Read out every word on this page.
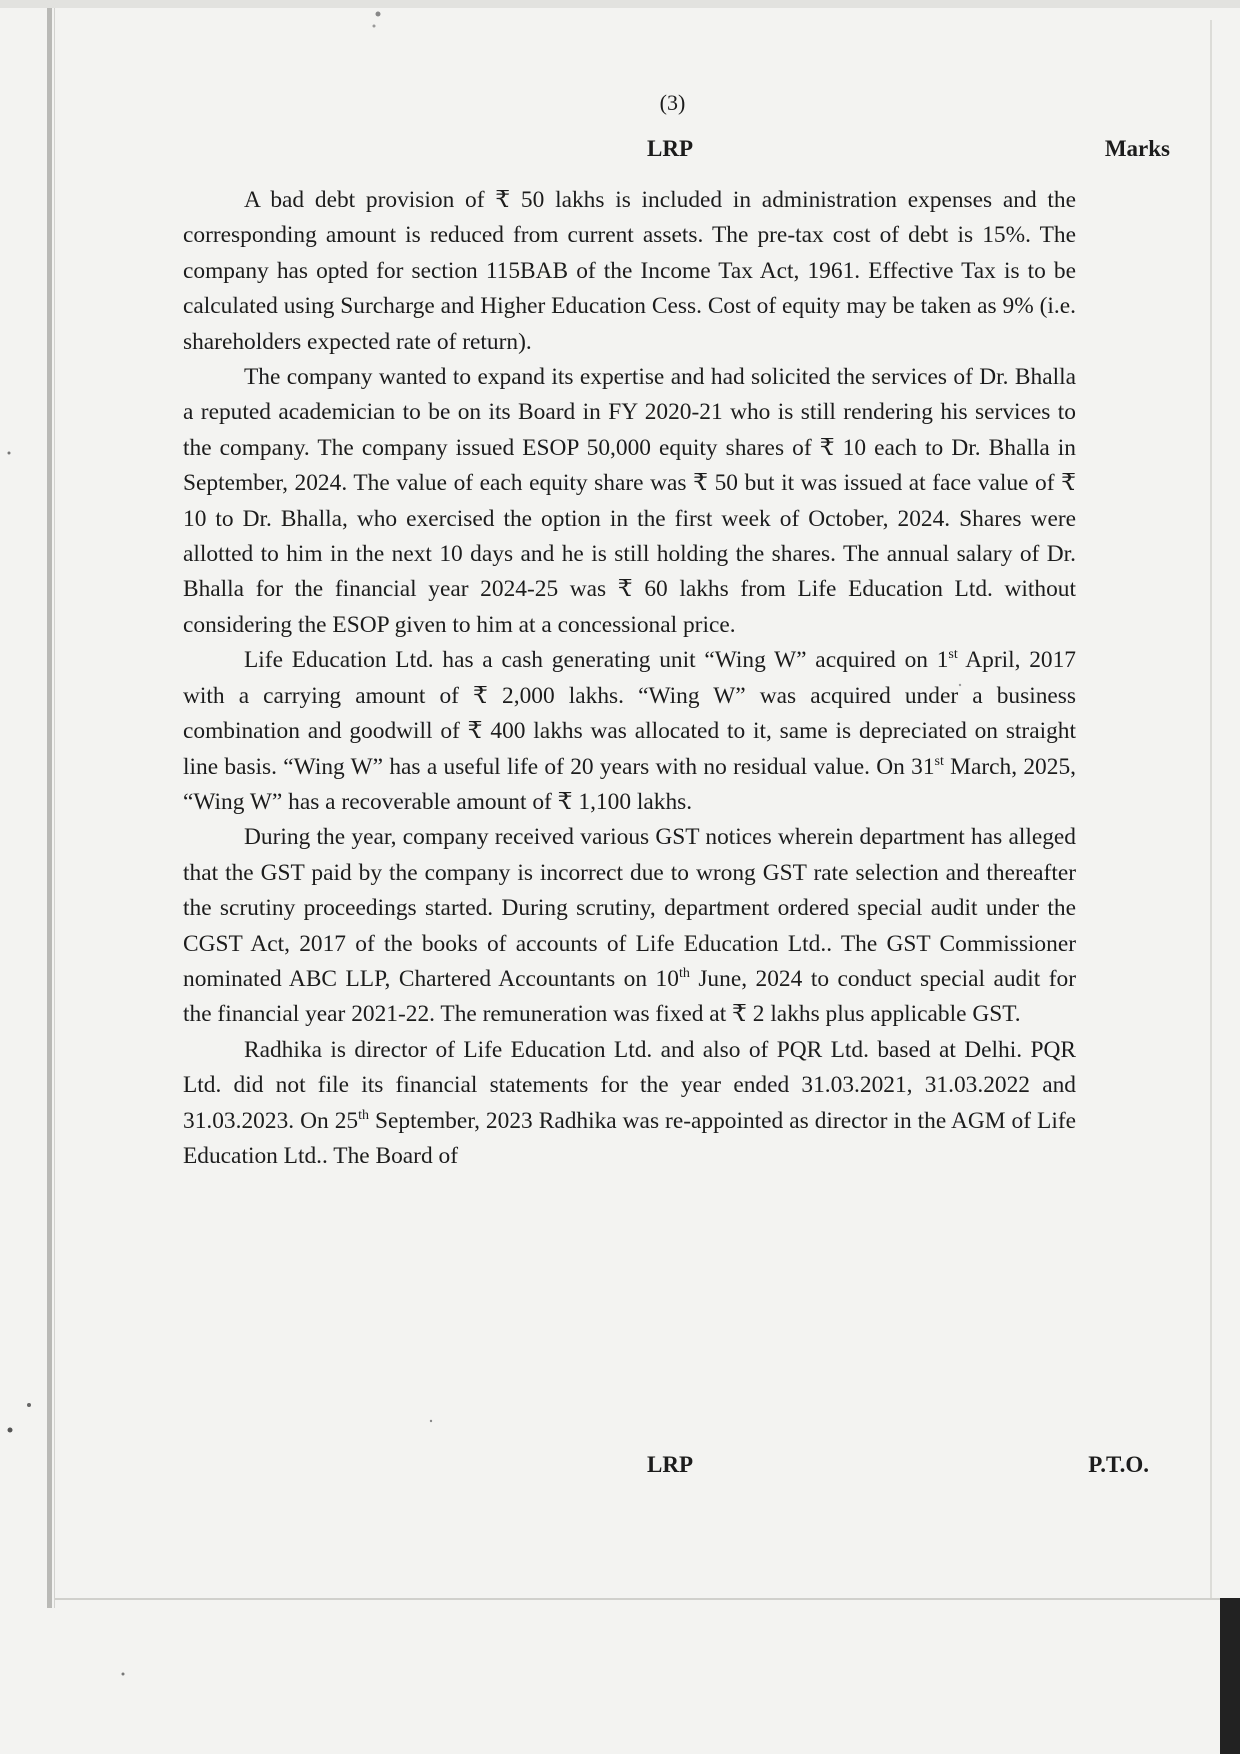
(3)
LRP	Marks

A bad debt provision of ₹ 50 lakhs is included in administration expenses and the corresponding amount is reduced from current assets. The pre-tax cost of debt is 15%. The company has opted for section 115BAB of the Income Tax Act, 1961. Effective Tax is to be calculated using Surcharge and Higher Education Cess. Cost of equity may be taken as 9% (i.e. shareholders expected rate of return).

The company wanted to expand its expertise and had solicited the services of Dr. Bhalla a reputed academician to be on its Board in FY 2020-21 who is still rendering his services to the company. The company issued ESOP 50,000 equity shares of ₹ 10 each to Dr. Bhalla in September, 2024. The value of each equity share was ₹ 50 but it was issued at face value of ₹ 10 to Dr. Bhalla, who exercised the option in the first week of October, 2024. Shares were allotted to him in the next 10 days and he is still holding the shares. The annual salary of Dr. Bhalla for the financial year 2024-25 was ₹ 60 lakhs from Life Education Ltd. without considering the ESOP given to him at a concessional price.

Life Education Ltd. has a cash generating unit “Wing W” acquired on 1st April, 2017 with a carrying amount of ₹ 2,000 lakhs. “Wing W” was acquired under a business combination and goodwill of ₹ 400 lakhs was allocated to it, same is depreciated on straight line basis. “Wing W” has a useful life of 20 years with no residual value. On 31st March, 2025, “Wing W” has a recoverable amount of ₹ 1,100 lakhs.

During the year, company received various GST notices wherein department has alleged that the GST paid by the company is incorrect due to wrong GST rate selection and thereafter the scrutiny proceedings started. During scrutiny, department ordered special audit under the CGST Act, 2017 of the books of accounts of Life Education Ltd.. The GST Commissioner nominated ABC LLP, Chartered Accountants on 10th June, 2024 to conduct special audit for the financial year 2021-22. The remuneration was fixed at ₹ 2 lakhs plus applicable GST.

Radhika is director of Life Education Ltd. and also of PQR Ltd. based at Delhi. PQR Ltd. did not file its financial statements for the year ended 31.03.2021, 31.03.2022 and 31.03.2023. On 25th September, 2023 Radhika was re-appointed as director in the AGM of Life Education Ltd.. The Board of

LRP	P.T.O.
